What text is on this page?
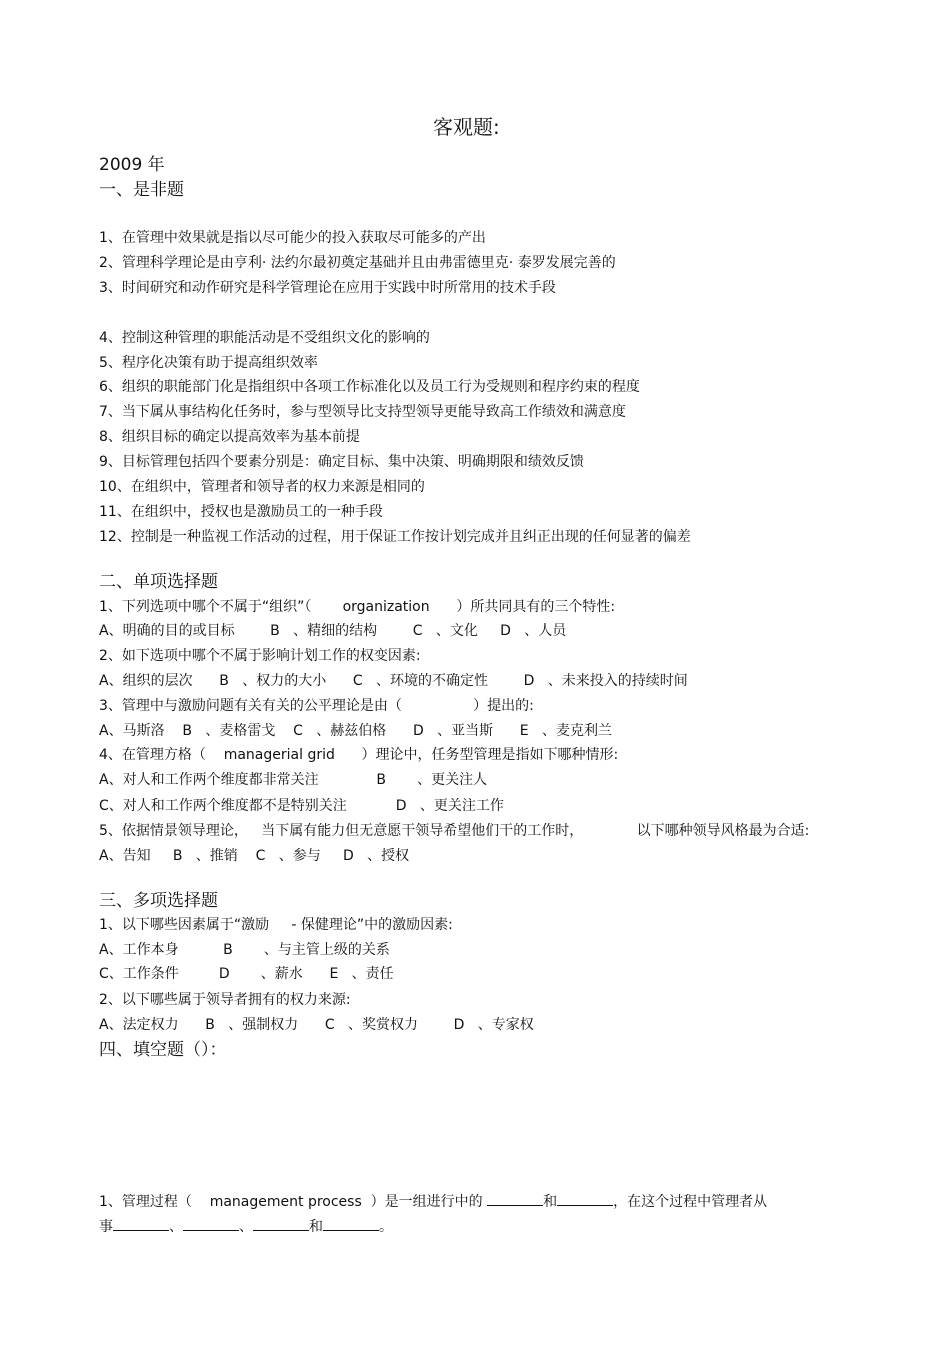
客观题:
2009 年
一、是非题
1、在管理中效果就是指以尽可能少的投入获取尽可能多的产出
2、管理科学理论是由亨利· 法约尔最初奠定基础并且由弗雷德里克· 泰罗发展完善的
3、时间研究和动作研究是科学管理论在应用于实践中时所常用的技术手段
4、控制这种管理的职能活动是不受组织文化的影响的
5、程序化决策有助于提高组织效率
6、组织的职能部门化是指组织中各项工作标准化以及员工行为受规则和程序约束的程度
7、当下属从事结构化任务时，参与型领导比支持型领导更能导致高工作绩效和满意度
8、组织目标的确定以提高效率为基本前提
9、目标管理包括四个要素分别是：确定目标、集中决策、明确期限和绩效反馈
10、在组织中，管理者和领导者的权力来源是相同的
11、在组织中，授权也是激励员工的一种手段
12、控制是一种监视工作活动的过程，用于保证工作按计划完成并且纠正出现的任何显著的偏差
二、单项选择题
1、下列选项中哪个不属于“组织”（       organization      ）所共同具有的三个特性:
A、明确的目的或目标        B   、精细的结构        C   、文化     D   、人员
2、如下选项中哪个不属于影响计划工作的权变因素:
A、组织的层次      B   、权力的大小      C   、环境的不确定性        D   、未来投入的持续时间
3、管理中与激励问题有关有关的公平理论是由（                ）提出的:
A、马斯洛    B   、麦格雷戈    C   、赫兹伯格      D   、亚当斯      E   、麦克利兰
4、在管理方格（    managerial grid      ）理论中，任务型管理是指如下哪种情形:
A、对人和工作两个维度都非常关注             B       、更关注人
C、对人和工作两个维度都不是特别关注           D   、更关注工作
5、依据情景领导理论，   当下属有能力但无意愿干领导希望他们干的工作时，            以下哪种领导风格最为合适:
A、告知     B   、推销    C   、参与     D   、授权
三、多项选择题
1、以下哪些因素属于“激励     - 保健理论”中的激励因素:
A、工作本身          B       、与主管上级的关系
C、工作条件         D       、薪水      E   、责任
2、以下哪些属于领导者拥有的权力来源:
A、法定权力      B   、强制权力      C   、奖赏权力        D   、专家权
四、填空题（）：
1、管理过程（    management process  ）是一组进行中的	和	，在这个过程中管理者从
事	、	、	和	。
